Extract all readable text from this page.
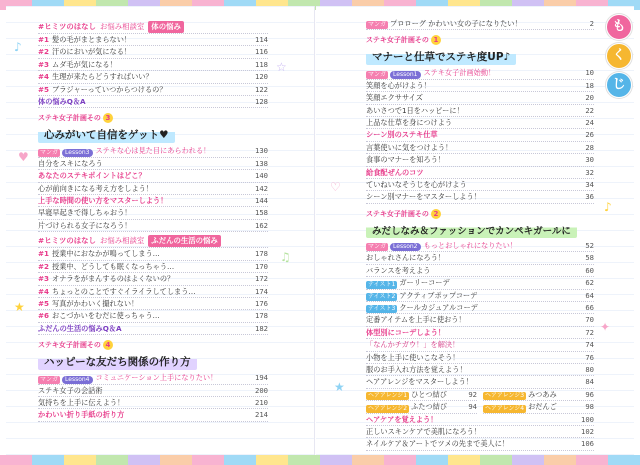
♪
♥
★
☆
♫
♡
★
♪
✦
#ヒミツのはなし お悩み相談室 体の悩み
#1 髪の毛がまとまらない！	114
#2 汗のにおいが気になる！	116
#3 ムダ毛が気になる！	118
#4 生理が来たらどうすればいい？	120
#5 ブラジャーっていつからつけるの？	122
体の悩みQ＆A	128
ステキ女子計画その 3
心みがいて自信をゲット♥
マンガ	Lesson3 ステキな心は見た目にあらわれる！	130
自分をスキになろう	138
あなたのステキポイントはどこ？	140
心が前向きになる考え方をしよう！	142
上手な時間の使い方をマスターしよう！	144
早寝早起きで得しちゃおう！	158
片づけられる女子になろう！	162
#ヒミツのはなし お悩み相談室 ふだんの生活の悩み
#1 授業中におなかが鳴ってしまう…	178
#2 授業中、どうしても眠くなっちゃう…	170
#3 オナラをがまんするのはよくないの？	172
#4 ちょっとのことですぐイライラしてしまう…	174
#5 写真がかわいく撮れない！	176
#6 おこづかいをむだに使っちゃう…	178
ふだんの生活の悩みQ＆A	182
ステキ女子計画その 4
ハッピーな友だち関係の作り方
マンガ	Lesson4 コミュニケーション上手になりたい！	194
ステキ女子の会話術	200
気持ちを上手に伝えよう！	210
かわいい折り手紙の折り方	214
マンガ プロローグ かわいい女の子になりたい！	2
ステキ女子計画その 1
マナーと仕草でステキ度UP♪
マンガ	Lesson1 ステキ女子計画始動！	10
笑顔を心がけよう！	18
笑顔エクササイズ	20
あいさつで1日をハッピーに！	22
上品な仕草を身につけよう	24
シーン別のステキ仕草	26
言葉使いに気をつけよう！	28
食事のマナーを知ろう！	30
給食配ぜんのコツ	32
ていねいなそうじを心がけよう	34
シーン別マナーをマスターしよう！	36
ステキ女子計画その 2
みだしなみ＆ファッションでカンペキガールに
マンガ	Lesson2 もっとおしゃれになりたい！	52
おしゃれさんになろう！	58
バランスを考えよう	60
テイスト1 ガーリーコーデ	62
テイスト2 アクティブポップコーデ	64
テイスト3 クールカジュアルコーデ	66
定番アイテムを上手に使おう！	70
体型別にコーデしよう！	72
「なんかチガウ！」を解決！	74
小物を上手に使いこなそう！	76
服のお手入れ方法を覚えよう！	80
ヘアアレンジをマスターしよう！	84
ヘアアレンジ1 ひとつ結び	92	ヘアアレンジ3 みつあみ	96
ヘアアレンジ2 ふたつ結び	94	ヘアアレンジ4 おだんご	98
ヘアケアを覚えよう！	100
正しいスキンケアで美肌になろう！	102
ネイルケア＆アートでツメの先まで美人に！	106
も
く
じ
